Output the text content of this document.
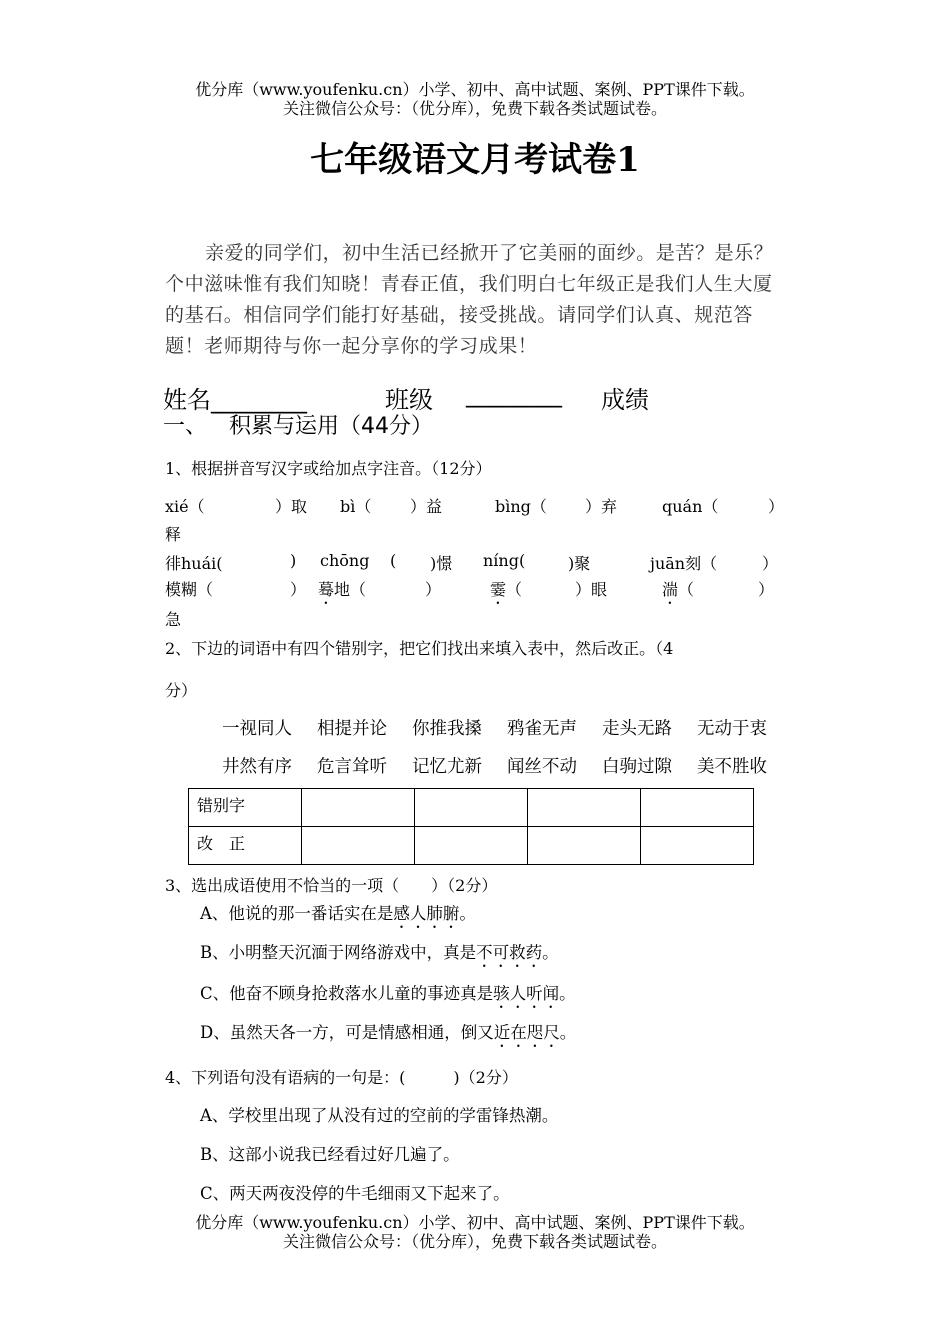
优分库（www.youfenku.cn）小学、初中、高中试题、案例、PPT课件下载。
关注微信公众号：（优分库），免费下载各类试题试卷。
七年级语文月考试卷1
亲爱的同学们，初中生活已经掀开了它美丽的面纱。是苦？是乐？个中滋味惟有我们知晓！青春正值，我们明白七年级正是我们人生大厦的基石。相信同学们能打好基础，接受挑战。请同学们认真、规范答题！老师期待与你一起分享你的学习成果！
姓名________	班级 ________ 成绩
一、 积累与运用（44分）
1、根据拼音写汉字或给加点字注音。（12分）
xié（	）取 bì（ ）益	bìng（ ）弃	quán（	）
释
徘huái(	) chōng ( )憬 níng(	)聚	juān刻（	）
模糊（	） 蓦 地（	）	霎 （	）眼	湍 （	）
急
2、下边的词语中有四个错别字，把它们找出来填入表中，然后改正。（4
分）
一视同人 相提并论 你推我搡 鸦雀无声 走头无路 无动于衷
井然有序 危言耸听 记忆尤新 闻丝不动 白驹过隙 美不胜收
错别字				
改　正				
3、选出成语使用不恰当的一项（　　）（2分）
A、他说的那一番话实在是感人肺腑。
B、小明整天沉湎于网络游戏中，真是不可救药。
C、他奋不顾身抢救落水儿童的事迹真是骇人听闻。
D、虽然天各一方，可是情感相通，倒又近在咫尺。
4、下列语句没有语病的一句是：(　　　)（2分）
A、学校里出现了从没有过的空前的学雷锋热潮。
B、这部小说我已经看过好几遍了。
C、两天两夜没停的牛毛细雨又下起来了。
优分库（www.youfenku.cn）小学、初中、高中试题、案例、PPT课件下载。
关注微信公众号：（优分库），免费下载各类试题试卷。
